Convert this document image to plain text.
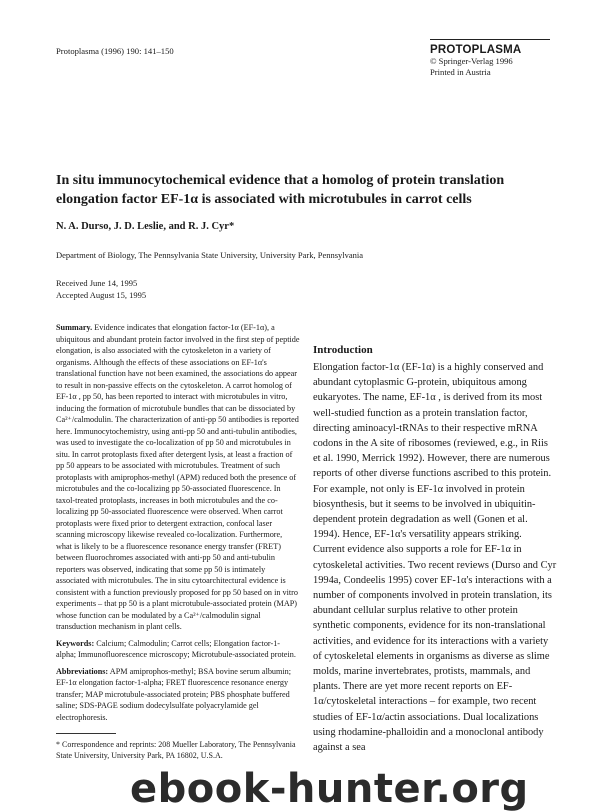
Protoplasma (1996) 190: 141–150	PROTOPLASMA
© Springer-Verlag 1996
Printed in Austria
In situ immunocytochemical evidence that a homolog of protein translation elongation factor EF-1α is associated with microtubules in carrot cells
N. A. Durso, J. D. Leslie, and R. J. Cyr*
Department of Biology, The Pennsylvania State University, University Park, Pennsylvania
Received June 14, 1995
Accepted August 15, 1995

Summary. Evidence indicates that elongation factor-1α (EF-1α), a ubiquitous and abundant protein factor involved in the first step of peptide elongation, is also associated with the cytoskeleton in a variety of organisms. Although the effects of these associations on EF-1α's translational function have not been examined, the associations do appear to result in non-passive effects on the cytoskeleton. A carrot homolog of EF-1α , pp 50, has been reported to interact with microtubules in vitro, inducing the formation of microtubule bundles that can be dissociated by Ca²⁺/calmodulin. The characterization of anti-pp 50 antibodies is reported here. Immunocytochemistry, using anti-pp 50 and anti-tubulin antibodies, was used to investigate the co-localization of pp 50 and microtubules in situ. In carrot protoplasts fixed after detergent lysis, at least a fraction of pp 50 appears to be associated with microtubules. Treatment of such protoplasts with amiprophos-methyl (APM) reduced both the presence of microtubules and the co-localizing pp 50-associated fluorescence. In taxol-treated protoplasts, increases in both microtubules and the co-localizing pp 50-associated fluorescence were observed. When carrot protoplasts were fixed prior to detergent extraction, confocal laser scanning microscopy likewise revealed co-localization. Furthermore, what is likely to be a fluorescence resonance energy transfer (FRET) between fluorochromes associated with anti-pp 50 and anti-tubulin reporters was observed, indicating that some pp 50 is intimately associated with microtubules. The in situ cytoarchitectural evidence is consistent with a function previously proposed for pp 50 based on in vitro experiments – that pp 50 is a plant microtubule-associated protein (MAP) whose function can be modulated by a Ca²⁺/calmodulin signal transduction mechanism in plant cells.

Keywords: Calcium; Calmodulin; Carrot cells; Elongation factor-1-alpha; Immunofluorescence microscopy; Microtubule-associated protein.

Abbreviations: APM amiprophos-methyl; BSA bovine serum albumin; EF-1α elongation factor-1-alpha; FRET fluorescence resonance energy transfer; MAP microtubule-associated protein; PBS phosphate buffered saline; SDS-PAGE sodium dodecylsulfate polyacrylamide gel electrophoresis.

Introduction

Elongation factor-1α (EF-1α) is a highly conserved and abundant cytoplasmic G-protein, ubiquitous among eukaryotes. The name, EF-1α , is derived from its most well-studied function as a protein translation factor, directing aminoacyl-tRNAs to their respective mRNA codons in the A site of ribosomes (reviewed, e.g., in Riis et al. 1990, Merrick 1992). However, there are numerous reports of other diverse functions ascribed to this protein. For example, not only is EF-1α involved in protein biosynthesis, but it seems to be involved in ubiquitin-dependent protein degradation as well (Gonen et al. 1994). Hence, EF-1α's versatility appears striking.

Current evidence also supports a role for EF-1α in cytoskeletal activities. Two recent reviews (Durso and Cyr 1994a, Condeelis 1995) cover EF-1α's interactions with a number of components involved in protein translation, its abundant cellular surplus relative to other protein synthetic components, evidence for its non-translational activities, and evidence for its interactions with a variety of cytoskeletal elements in organisms as diverse as slime molds, marine invertebrates, protists, mammals, and plants. There are yet more recent reports on EF-1α/cytoskeletal interactions – for example, two recent studies of EF-1α/actin associations. Dual localizations using rhodamine-phalloidin and a monoclonal antibody against a sea

* Correspondence and reprints: 208 Mueller Laboratory, The Pennsylvania State University, University Park, PA 16802, U.S.A.
ebook-hunter.org
